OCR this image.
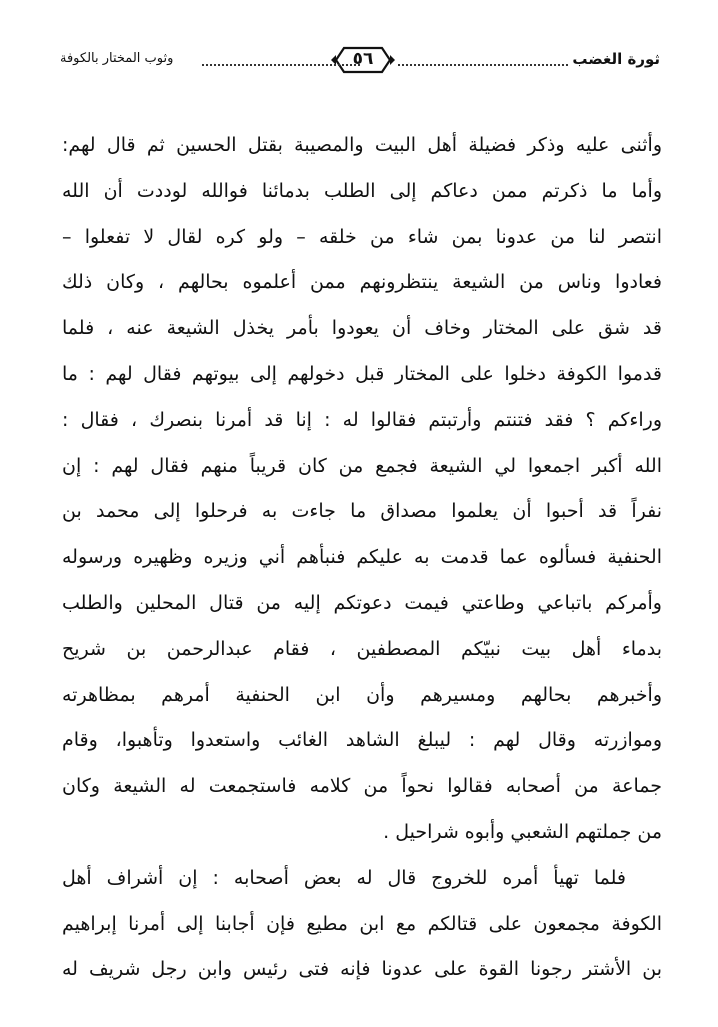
ثورة الغضب
٥٦
وثوب المختار بالكوفة
وأثنى عليه وذكر فضيلة أهل البيت والمصيبة بقتل الحسين ثم قال لهم:
وأما ما ذكرتم ممن دعاكم إلى الطلب بدمائنا فوالله لوددت أن الله
انتصر لنا من عدونا بمن شاء من خلقه – ولو كره لقال لا تفعلوا –
فعادوا وناس من الشيعة ينتظرونهم ممن أعلموه بحالهم ، وكان ذلك
قد شق على المختار وخاف أن يعودوا بأمر يخذل الشيعة عنه ، فلما
قدموا الكوفة دخلوا على المختار قبل دخولهم إلى بيوتهم فقال لهم : ما
وراءكم ؟ فقد فتنتم وأرتبتم فقالوا له : إنا قد أمرنا بنصرك ، فقال :
الله أكبر اجمعوا لي الشيعة فجمع من كان قريباً منهم فقال لهم : إن
نفراً قد أحبوا أن يعلموا مصداق ما جاءت به فرحلوا إلى محمد بن
الحنفية فسألوه عما قدمت به عليكم فنبأهم أني وزيره وظهيره ورسوله
وأمركم باتباعي وطاعتي فيمت دعوتكم إليه من قتال المحلين والطلب
بدماء أهل بيت نبيّكم المصطفين ، فقام عبدالرحمن بن شريح
وأخبرهم بحالهم ومسيرهم وأن ابن الحنفية أمرهم بمظاهرته
وموازرته وقال لهم : ليبلغ الشاهد الغائب واستعدوا وتأهبوا، وقام
جماعة من أصحابه فقالوا نحواً من كلامه فاستجمعت له الشيعة وكان
من جملتهم الشعبي وأبوه شراحيل .
فلما تهيأ أمره للخروج قال له بعض أصحابه : إن أشراف أهل
الكوفة مجمعون على قتالكم مع ابن مطيع فإن أجابنا إلى أمرنا إبراهيم
بن الأشتر رجونا القوة على عدونا فإنه فتى رئيس وابن رجل شريف له
